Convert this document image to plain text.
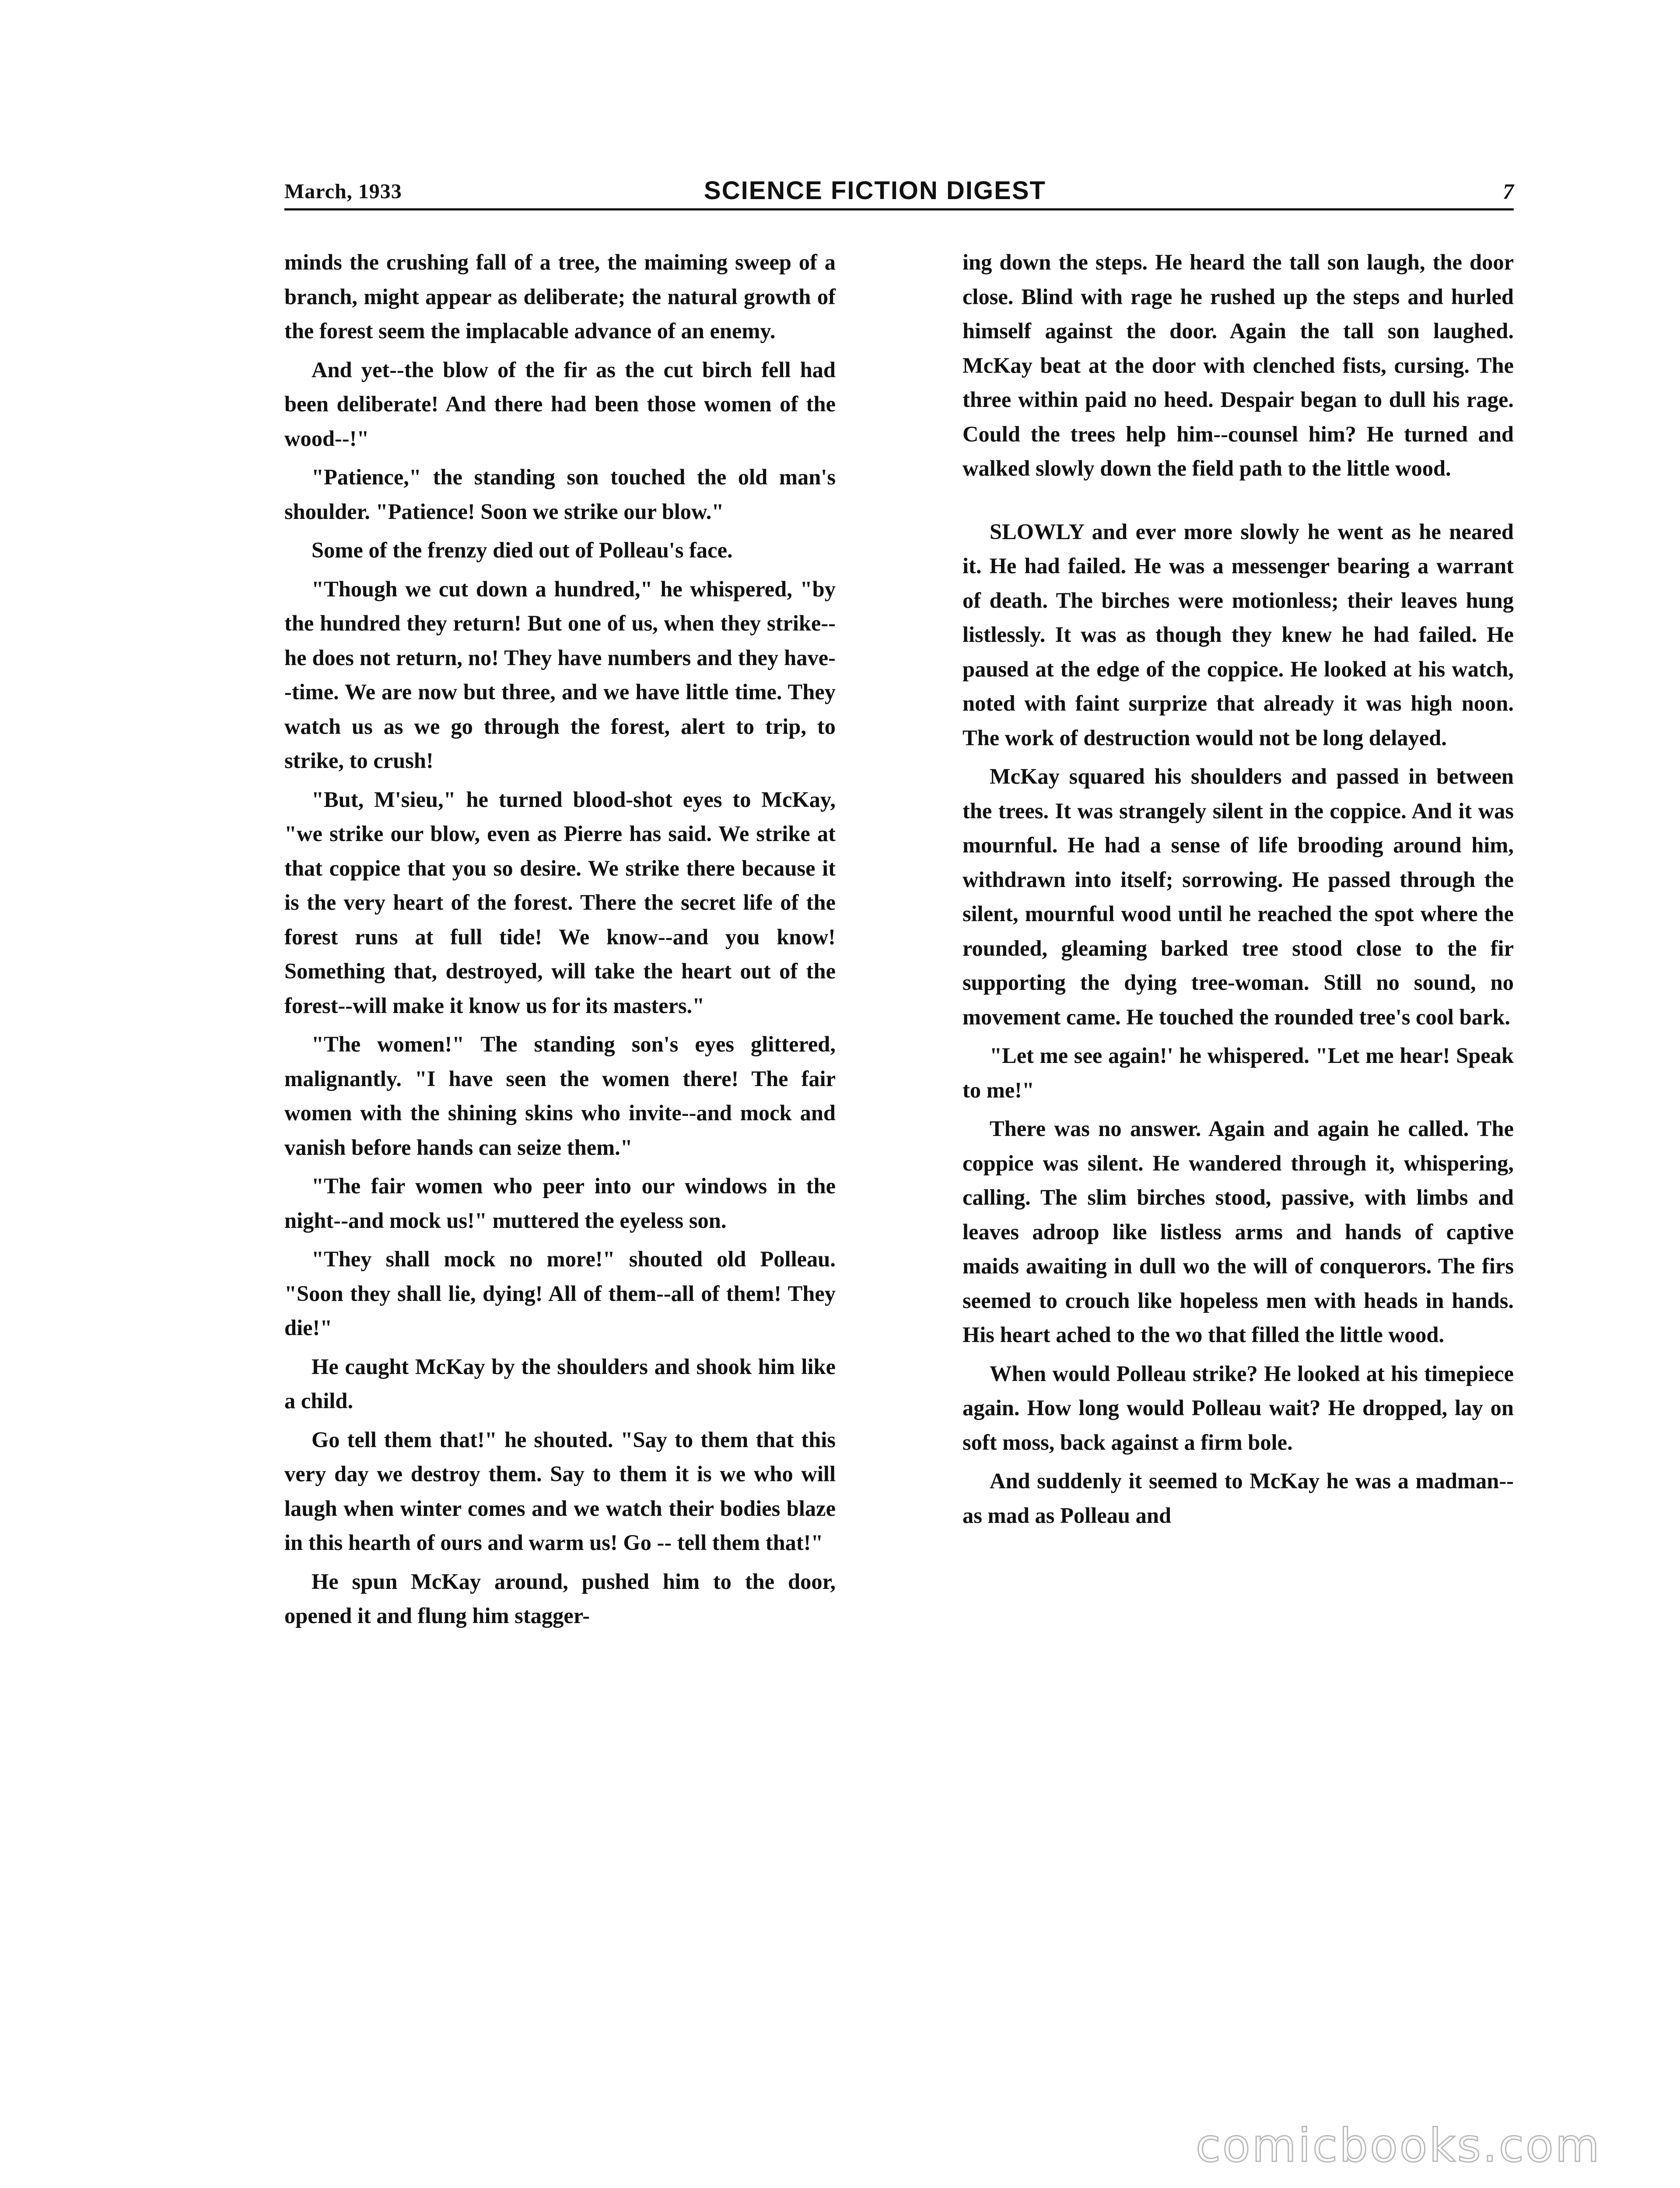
March, 1933	SCIENCE FICTION DIGEST	7

minds the crushing fall of a tree, the maiming sweep of a branch, might appear as deliberate; the natural growth of the forest seem the implacable advance of an enemy.

And yet--the blow of the fir as the cut birch fell had been deliberate! And there had been those women of the wood--!"

"Patience," the standing son touched the old man's shoulder. "Patience! Soon we strike our blow."

Some of the frenzy died out of Polleau's face.

"Though we cut down a hundred," he whispered, "by the hundred they return! But one of us, when they strike--he does not return, no! They have numbers and they have--time. We are now but three, and we have little time. They watch us as we go through the forest, alert to trip, to strike, to crush!

"But, M'sieu," he turned blood-shot eyes to McKay, "we strike our blow, even as Pierre has said. We strike at that coppice that you so desire. We strike there because it is the very heart of the forest. There the secret life of the forest runs at full tide! We know--and you know! Something that, destroyed, will take the heart out of the forest--will make it know us for its masters."

"The women!" The standing son's eyes glittered, malignantly. "I have seen the women there! The fair women with the shining skins who invite--and mock and vanish before hands can seize them."

"The fair women who peer into our windows in the night--and mock us!" muttered the eyeless son.

"They shall mock no more!" shouted old Polleau. "Soon they shall lie, dying! All of them--all of them! They die!"

He caught McKay by the shoulders and shook him like a child.

Go tell them that!" he shouted. "Say to them that this very day we destroy them. Say to them it is we who will laugh when winter comes and we watch their bodies blaze in this hearth of ours and warm us! Go -- tell them that!"

He spun McKay around, pushed him to the door, opened it and flung him stagger-

ing down the steps. He heard the tall son laugh, the door close. Blind with rage he rushed up the steps and hurled himself against the door. Again the tall son laughed. McKay beat at the door with clenched fists, cursing. The three within paid no heed. Despair began to dull his rage. Could the trees help him--counsel him? He turned and walked slowly down the field path to the little wood.

SLOWLY and ever more slowly he went as he neared it. He had failed. He was a messenger bearing a warrant of death. The birches were motionless; their leaves hung listlessly. It was as though they knew he had failed. He paused at the edge of the coppice. He looked at his watch, noted with faint surprize that already it was high noon. The work of destruction would not be long delayed.

McKay squared his shoulders and passed in between the trees. It was strangely silent in the coppice. And it was mournful. He had a sense of life brooding around him, withdrawn into itself; sorrowing. He passed through the silent, mournful wood until he reached the spot where the rounded, gleaming barked tree stood close to the fir supporting the dying tree-woman. Still no sound, no movement came. He touched the rounded tree's cool bark.

"Let me see again!' he whispered. "Let me hear! Speak to me!"

There was no answer. Again and again he called. The coppice was silent. He wandered through it, whispering, calling. The slim birches stood, passive, with limbs and leaves adroop like listless arms and hands of captive maids awaiting in dull wo the will of conquerors. The firs seemed to crouch like hopeless men with heads in hands. His heart ached to the wo that filled the little wood.

When would Polleau strike? He looked at his timepiece again. How long would Polleau wait? He dropped, lay on soft moss, back against a firm bole.

And suddenly it seemed to McKay he was a madman--as mad as Polleau and

comicbooks.com
